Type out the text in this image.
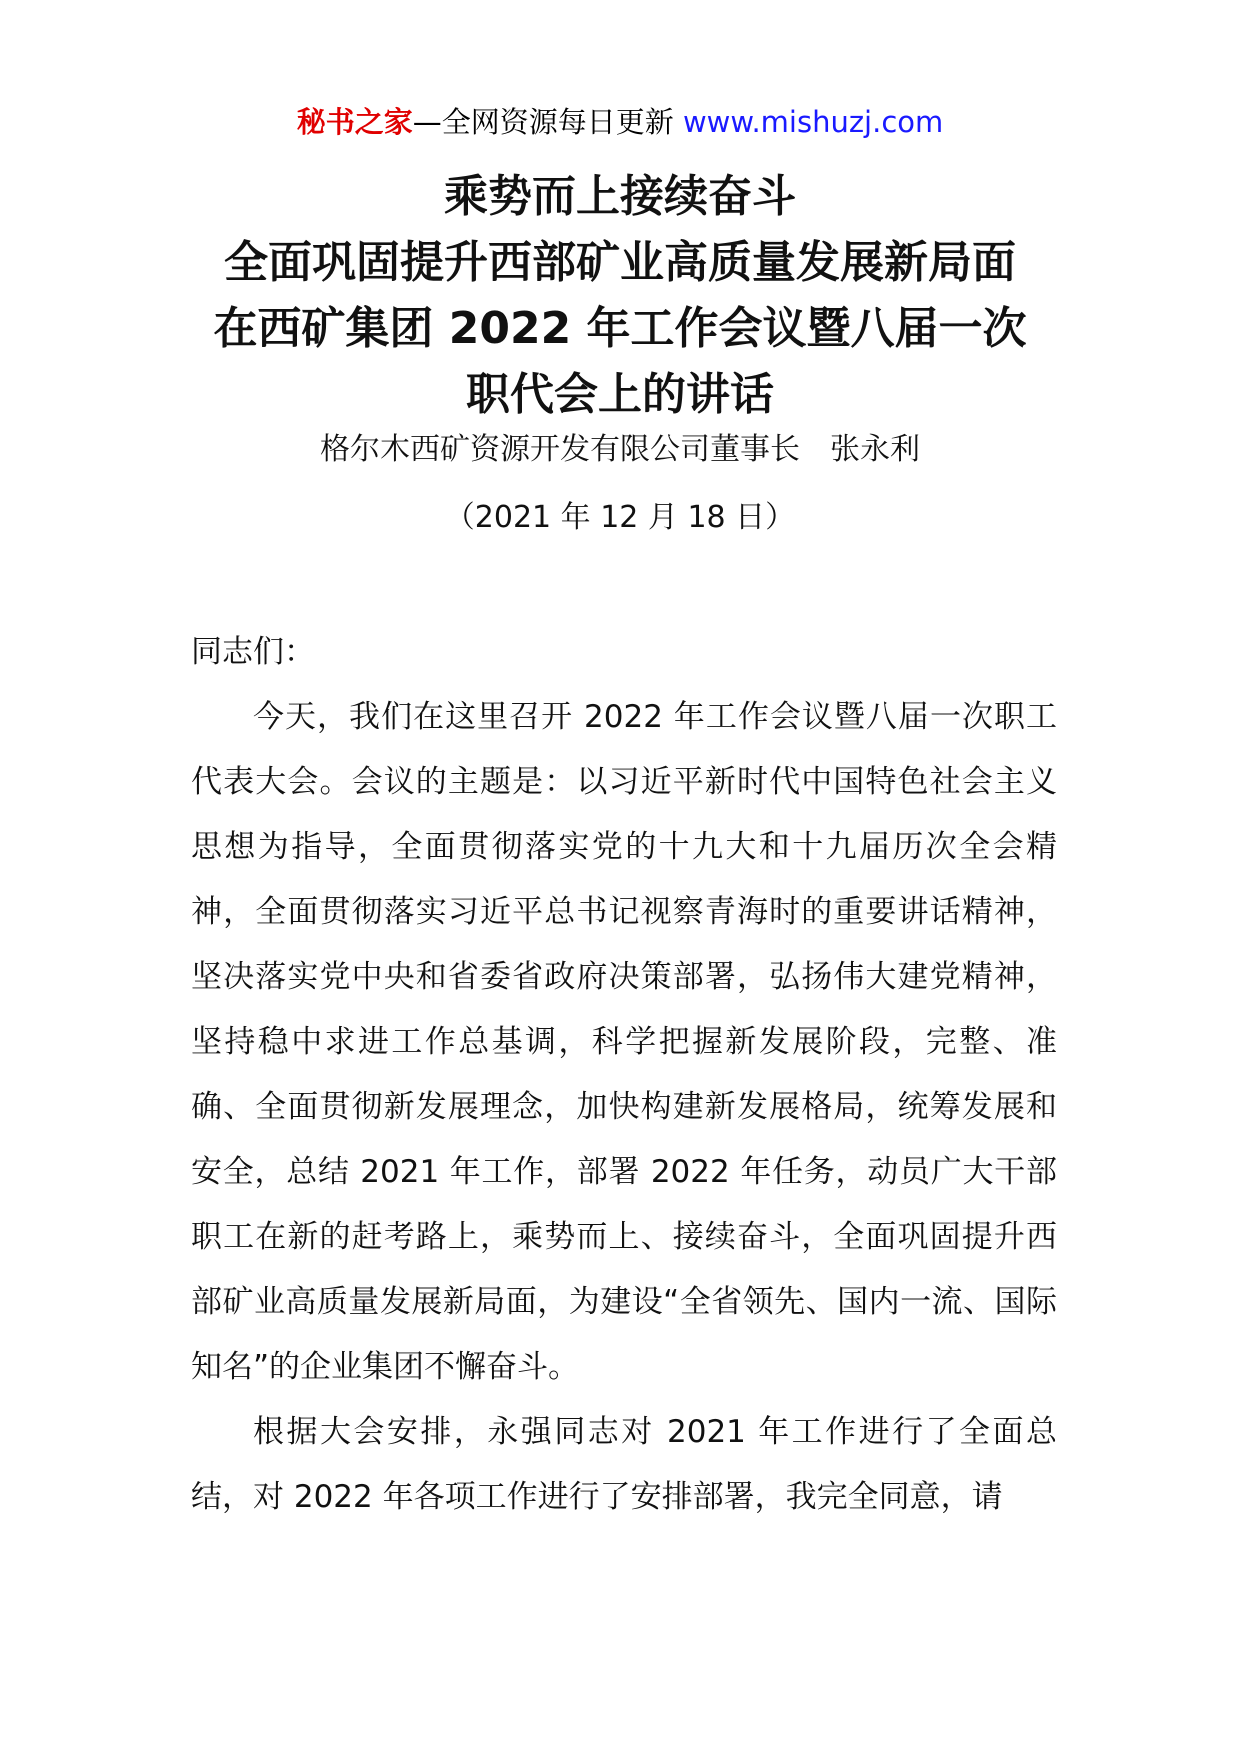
秘书之家—全网资源每日更新 www.mishuzj.com
乘势而上接续奋斗
全面巩固提升西部矿业高质量发展新局面
在西矿集团 2022 年工作会议暨八届一次
职代会上的讲话
格尔木西矿资源开发有限公司董事长　张永利
（2021 年 12 月 18 日）

同志们：

今天，我们在这里召开 2022 年工作会议暨八届一次职工代表大会。会议的主题是：以习近平新时代中国特色社会主义思想为指导，全面贯彻落实党的十九大和十九届历次全会精神，全面贯彻落实习近平总书记视察青海时的重要讲话精神，坚决落实党中央和省委省政府决策部署，弘扬伟大建党精神，坚持稳中求进工作总基调，科学把握新发展阶段，完整、准确、全面贯彻新发展理念，加快构建新发展格局，统筹发展和安全，总结 2021 年工作，部署 2022 年任务，动员广大干部职工在新的赶考路上，乘势而上、接续奋斗，全面巩固提升西部矿业高质量发展新局面，为建设“全省领先、国内一流、国际知名”的企业集团不懈奋斗。

根据大会安排，永强同志对 2021 年工作进行了全面总结，对 2022 年各项工作进行了安排部署，我完全同意，请
